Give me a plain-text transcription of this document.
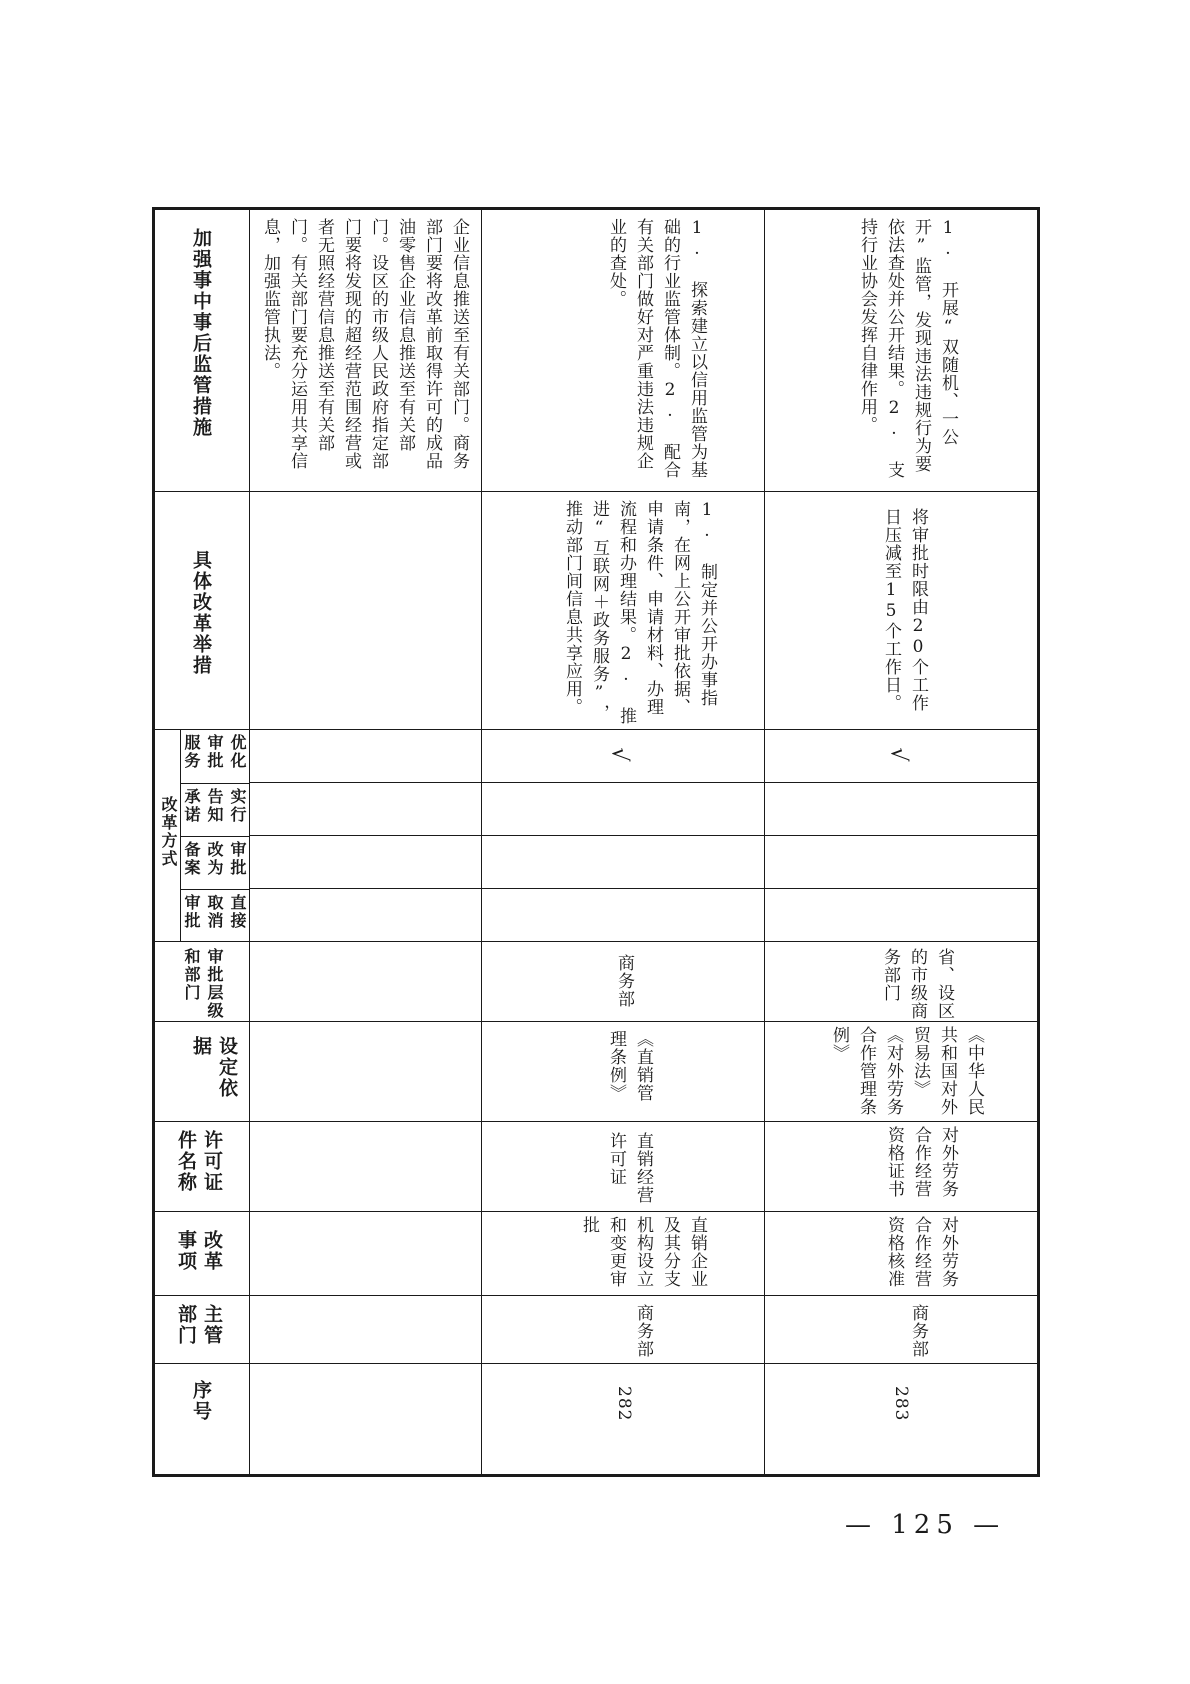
加强事中事后监管措施
具体改革举措
改革方式
优化审批服务
实行告知承诺
审批改为备案
直接取消审批
审批层级和部门
设定依据
许可证件名称
改革事项
主管部门
序号
企业信息推送至有关部门。商务部门要将改革前取得许可的成品油零售企业信息推送至有关部门。设区的市级人民政府指定部门要将发现的超经营范围经营或者无照经营信息推送至有关部门。有关部门要充分运用共享信息，加强监管执法。	1. 探索建立以信用监管为基础的行业监管体制。2. 配合有关部门做好对严重违法违规企业的查处。
1. 制定并公开办事指南，在网上公开审批依据、申请条件、申请材料、办理流程和办理结果。2. 推进“互联网＋政务服务”，推动部门间信息共享应用。
√
商务部
《直销管理条例》
直销经营许可证
直销企业及其分支机构设立和变更审批
商务部
282
1. 开展“双随机、一公开”监管，发现违法违规行为要依法查处并公开结果。2. 支持行业协会发挥自律作用。
将审批时限由20个工作日压减至15个工作日。
√
省、设区的市级商务部门
《中华人民共和国对外贸易法》《对外劳务合作管理条例》
对外劳务合作经营资格证书
对外劳务合作经营资格核准
商务部
283
— 125 —
